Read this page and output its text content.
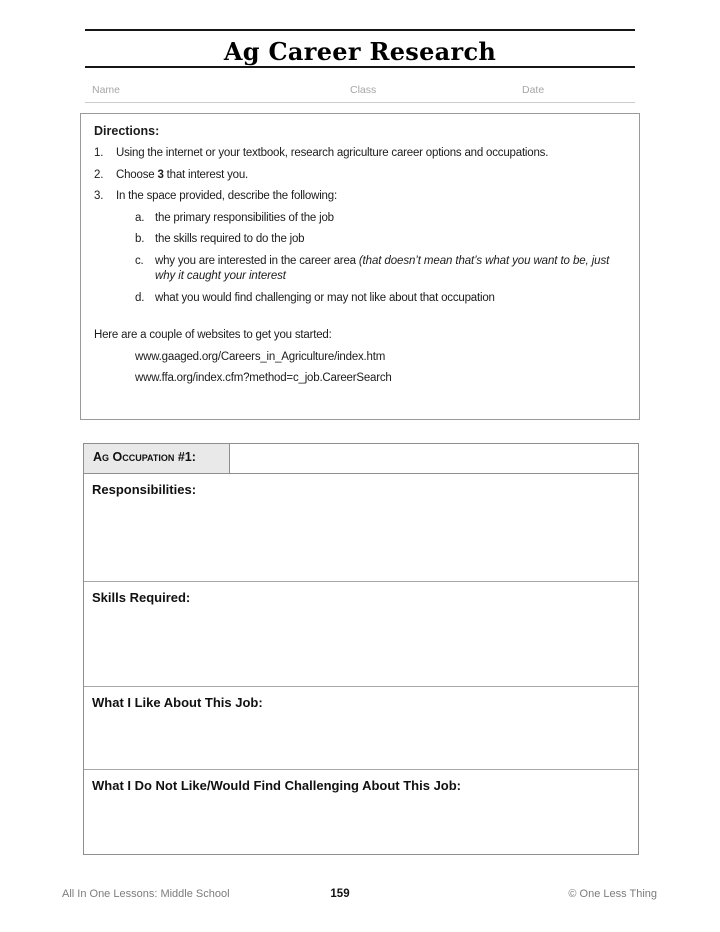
Ag Career Research
Name	Class	Date
Directions:
1.	Using the internet or your textbook, research agriculture career options and occupations.
2.	Choose 3 that interest you.
3.	In the space provided, describe the following:
a. the primary responsibilities of the job
b. the skills required to do the job
c. why you are interested in the career area (that doesn’t mean that’s what you want to be, just why it caught your interest
d. what you would find challenging or may not like about that occupation
Here are a couple of websites to get you started:
www.gaaged.org/Careers_in_Agriculture/index.htm
www.ffa.org/index.cfm?method=c_job.CareerSearch
Ag Occupation #1:
Responsibilities:
Skills Required:
What I Like About This Job:
What I Do Not Like/Would Find Challenging About This Job:
All In One Lessons: Middle School	159	© One Less Thing
